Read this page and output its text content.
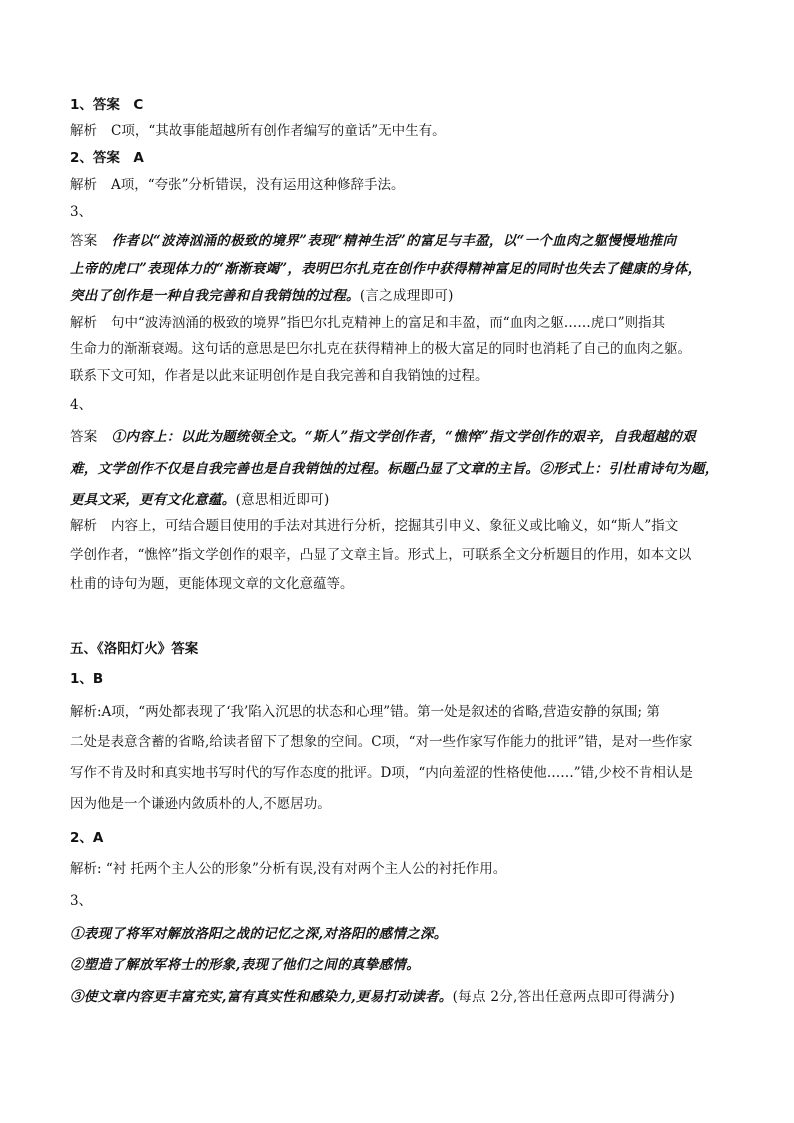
1、答案　C
解析 C项，“其故事能超越所有创作者编写的童话”无中生有。
2、答案　A
解析 A项，“夸张”分析错误，没有运用这种修辞手法。
3、
答案 作者以“波涛汹涌的极致的境界”表现“精神生活”的富足与丰盈，以“一个血肉之躯慢慢地推向
上帝的虎口”表现体力的“渐渐衰竭”，表明巴尔扎克在创作中获得精神富足的同时也失去了健康的身体，
突出了创作是一种自我完善和自我销蚀的过程。(言之成理即可)
解析 句中“波涛汹涌的极致的境界”指巴尔扎克精神上的富足和丰盈，而“血肉之躯……虎口”则指其
生命力的渐渐衰竭。这句话的意思是巴尔扎克在获得精神上的极大富足的同时也消耗了自己的血肉之躯。
联系下文可知，作者是以此来证明创作是自我完善和自我销蚀的过程。
4、
答案 ①内容上：以此为题统领全文。“斯人”指文学创作者，“憔悴”指文学创作的艰辛，自我超越的艰
难，文学创作不仅是自我完善也是自我销蚀的过程。标题凸显了文章的主旨。②形式上：引杜甫诗句为题，
更具文采，更有文化意蕴。(意思相近即可)
解析 内容上，可结合题目使用的手法对其进行分析，挖掘其引申义、象征义或比喻义，如“斯人”指文
学创作者，“憔悴”指文学创作的艰辛，凸显了文章主旨。形式上，可联系全文分析题目的作用，如本文以
杜甫的诗句为题，更能体现文章的文化意蕴等。
五、《洛阳灯火》答案
1、B
解析:A项，“两处都表现了‘我’陷入沉思的状态和心理”错。第一处是叙述的省略,营造安静的氛围; 第
二处是表意含蓄的省略,给读者留下了想象的空间。C项，“对一些作家写作能力的批评”错，是对一些作家
写作不肯及时和真实地书写时代的写作态度的批评。D项，“内向羞涩的性格使他……”错,少校不肯相认是
因为他是一个谦逊内敛质朴的人,不愿居功。
2、A
解析: “衬 托两个主人公的形象”分析有误,没有对两个主人公的衬托作用。
3、
①表现了将军对解放洛阳之战的记忆之深,对洛阳的感情之深。
②塑造了解放军将士的形象,表现了他们之间的真挚感情。
③使文章内容更丰富充实,富有真实性和感染力,更易打动读者。(每点 2分,答出任意两点即可得满分)
